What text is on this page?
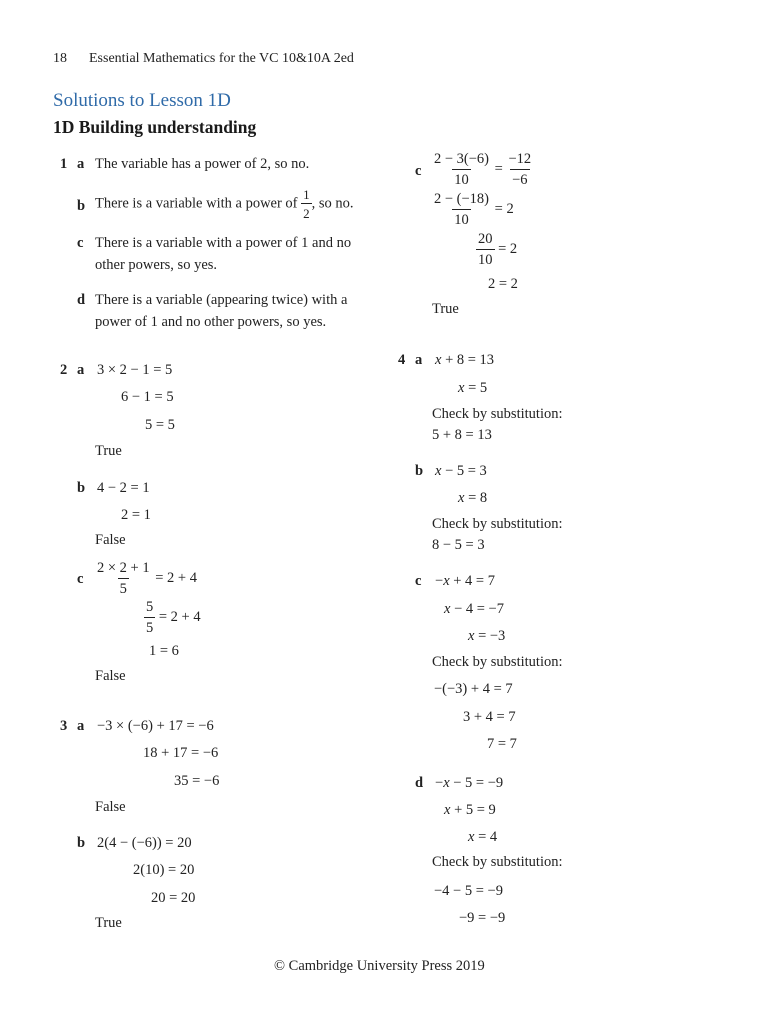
18 Essential Mathematics for the VC 10&10A 2ed
Solutions to Lesson 1D
1D Building understanding
1 a The variable has a power of 2, so no.
b There is a variable with a power of $\frac{1}{2}$ , so no.
c There is a variable with a power of 1 and no other powers, so yes.
d There is a variable (appearing twice) with a power of 1 and no other powers, so yes.
2 a 3 × 2 − 1 = 5
6 − 1 = 5
5 = 5
True
b 4 − 2 = 1
2 = 1
False
c $\frac{2 \times 2 + 1}{5} = 2 + 4$
$\frac{5}{5} = 2 + 4$
1 = 6
False
3 a −3 × (−6) + 17 = −6
18 + 17 = −6
35 = −6
False
b 2(4 − (−6)) = 20
2(10) = 20
20 = 20
True
c $\frac{2 - 3(-6)}{10} = \frac{-12}{-6}$
$\frac{2 - (-18)}{10} = 2$
$\frac{20}{10} = 2$
2 = 2
True
4 a x + 8 = 13
x = 5
Check by substitution:
5 + 8 = 13
b x − 5 = 3
x = 8
Check by substitution:
8 − 5 = 3
c −x + 4 = 7
x − 4 = −7
x = −3
Check by substitution:
−(−3) + 4 = 7
3 + 4 = 7
7 = 7
d −x − 5 = −9
x + 5 = 9
x = 4
Check by substitution:
−4 − 5 = −9
−9 = −9
© Cambridge University Press 2019
